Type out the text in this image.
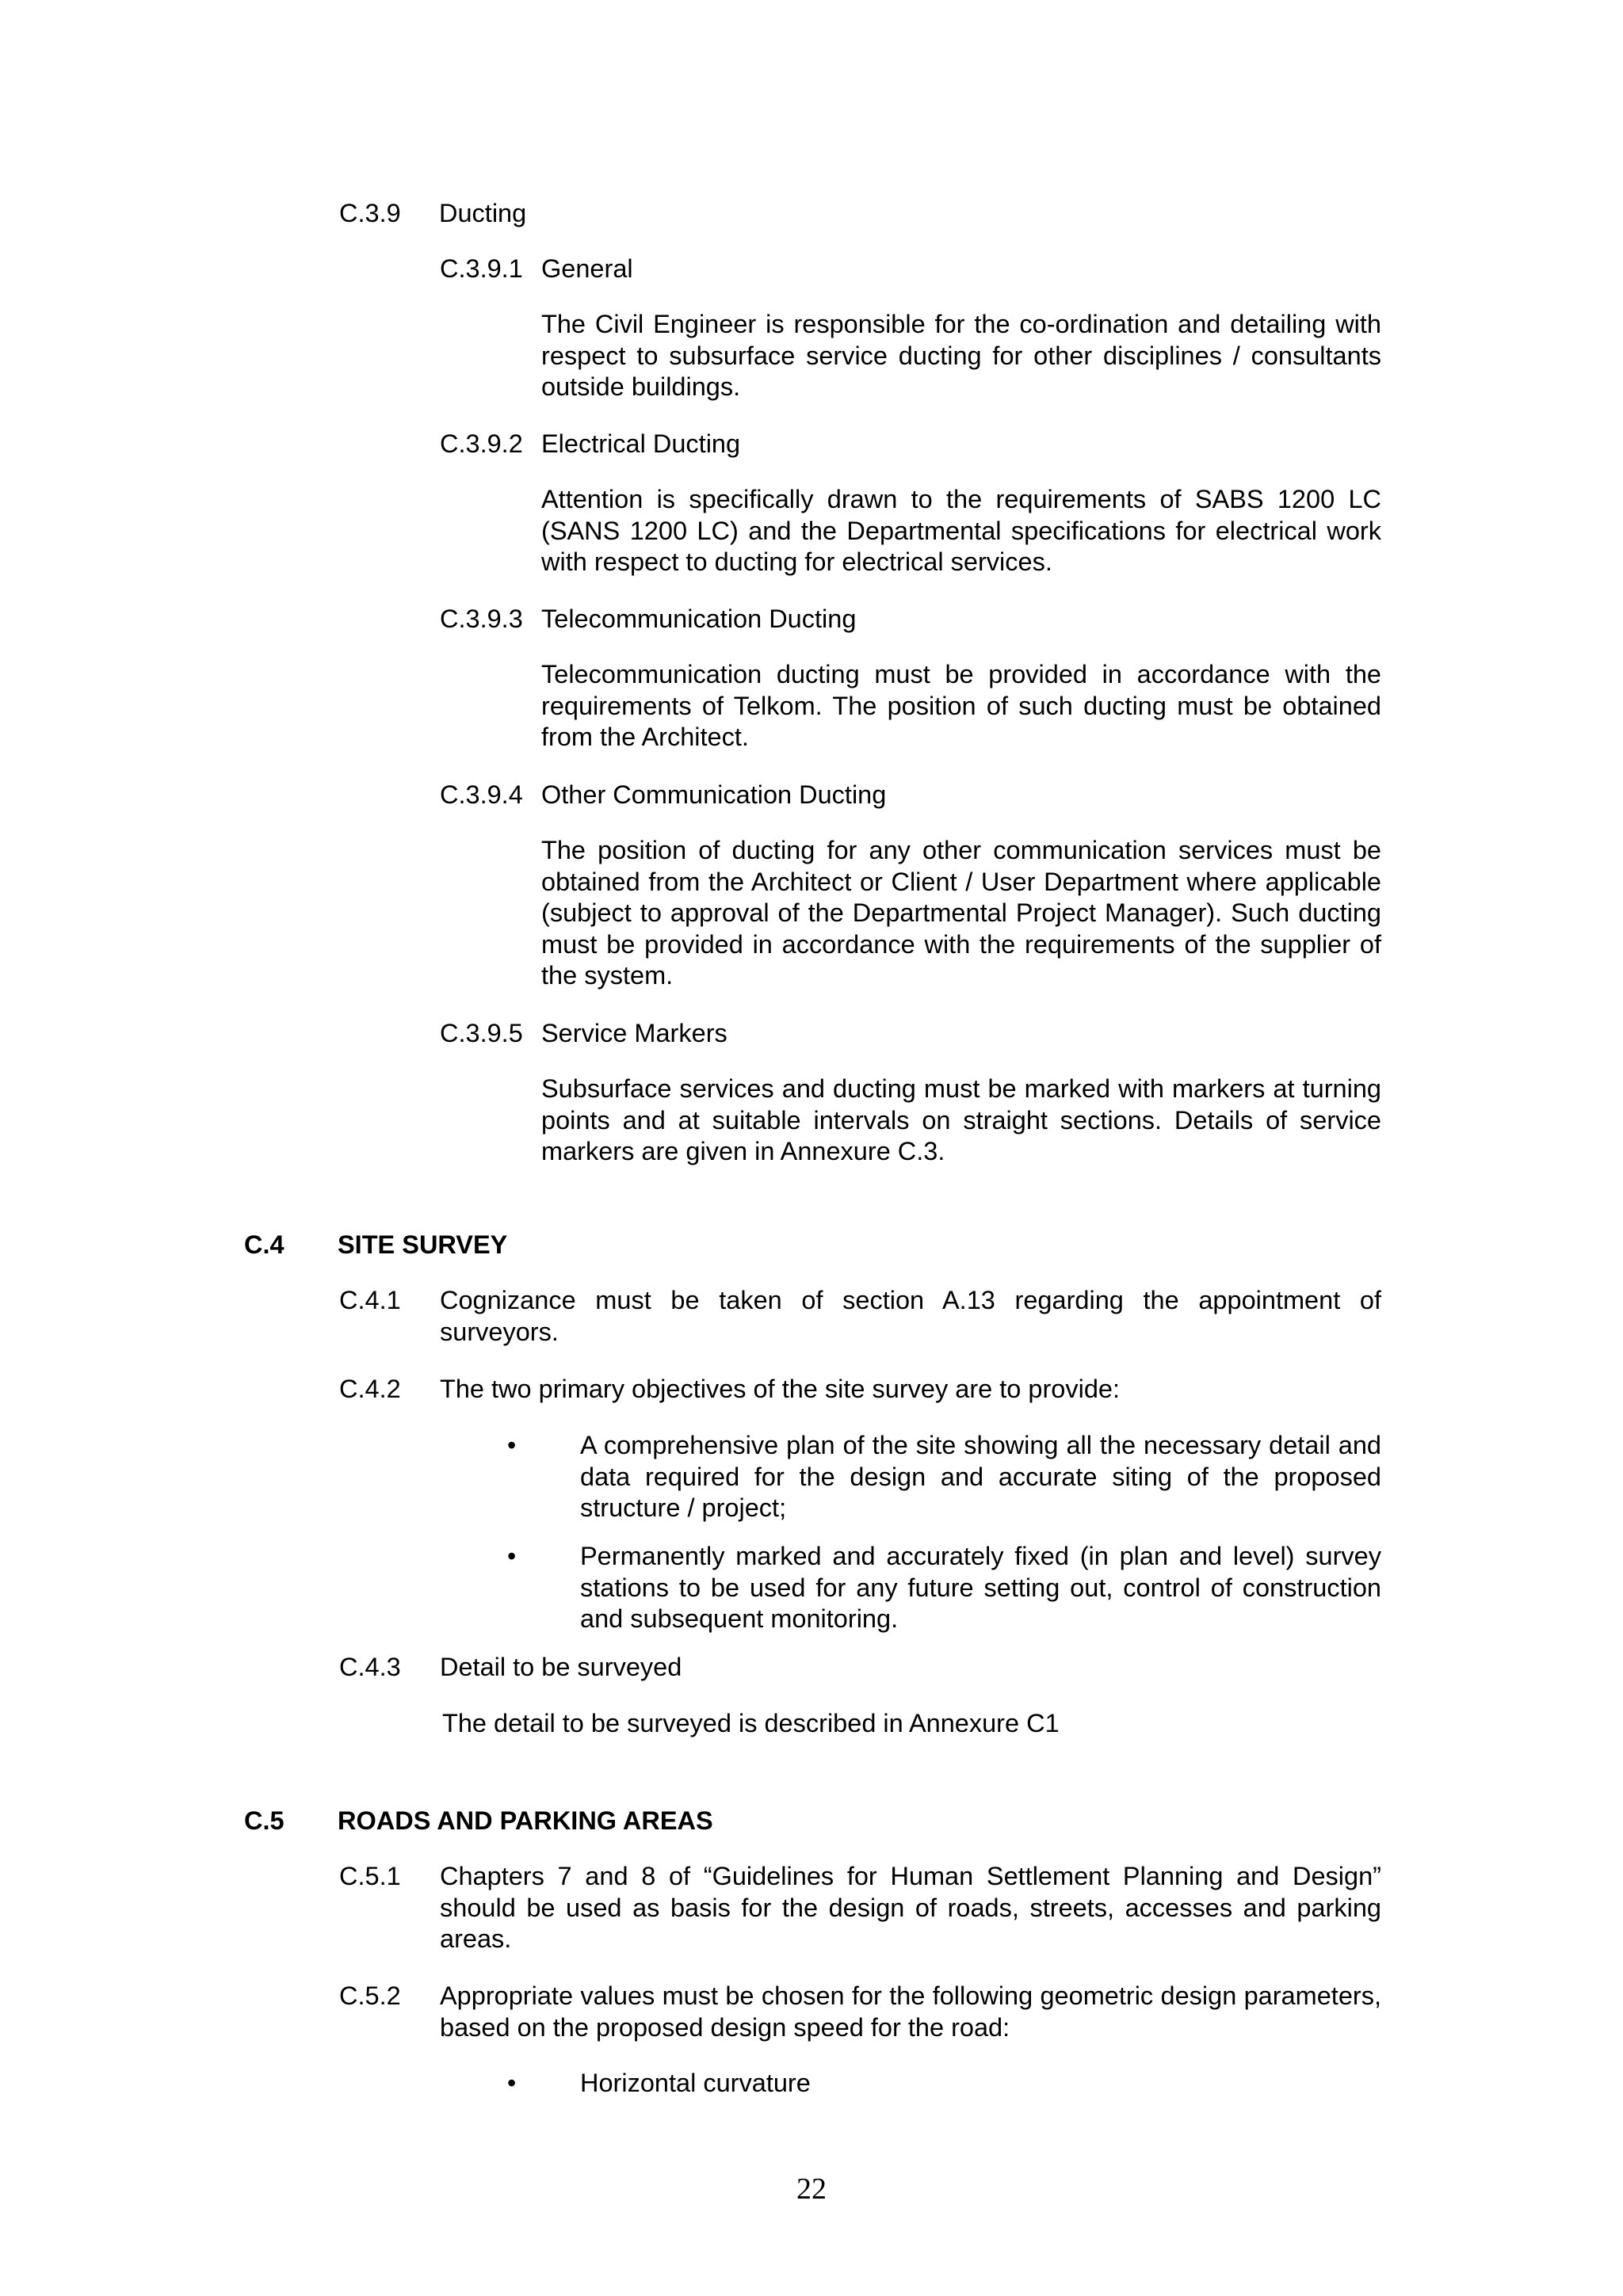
C.3.9 Ducting
C.3.9.1 General
The Civil Engineer is responsible for the co-ordination and detailing with respect to subsurface service ducting for other disciplines / consultants outside buildings.
C.3.9.2 Electrical Ducting
Attention is specifically drawn to the requirements of SABS 1200 LC (SANS 1200 LC) and the Departmental specifications for electrical work with respect to ducting for electrical services.
C.3.9.3 Telecommunication Ducting
Telecommunication ducting must be provided in accordance with the requirements of Telkom. The position of such ducting must be obtained from the Architect.
C.3.9.4 Other Communication Ducting
The position of ducting for any other communication services must be obtained from the Architect or Client / User Department where applicable (subject to approval of the Departmental Project Manager). Such ducting must be provided in accordance with the requirements of the supplier of the system.
C.3.9.5 Service Markers
Subsurface services and ducting must be marked with markers at turning points and at suitable intervals on straight sections. Details of service markers are given in Annexure C.3.
C.4 SITE SURVEY
C.4.1 Cognizance must be taken of section A.13 regarding the appointment of surveyors.
C.4.2 The two primary objectives of the site survey are to provide:
• A comprehensive plan of the site showing all the necessary detail and data required for the design and accurate siting of the proposed structure / project;
• Permanently marked and accurately fixed (in plan and level) survey stations to be used for any future setting out, control of construction and subsequent monitoring.
C.4.3 Detail to be surveyed
The detail to be surveyed is described in Annexure C1
C.5 ROADS AND PARKING AREAS
C.5.1 Chapters 7 and 8 of “Guidelines for Human Settlement Planning and Design” should be used as basis for the design of roads, streets, accesses and parking areas.
C.5.2 Appropriate values must be chosen for the following geometric design parameters, based on the proposed design speed for the road:
• Horizontal curvature
22
